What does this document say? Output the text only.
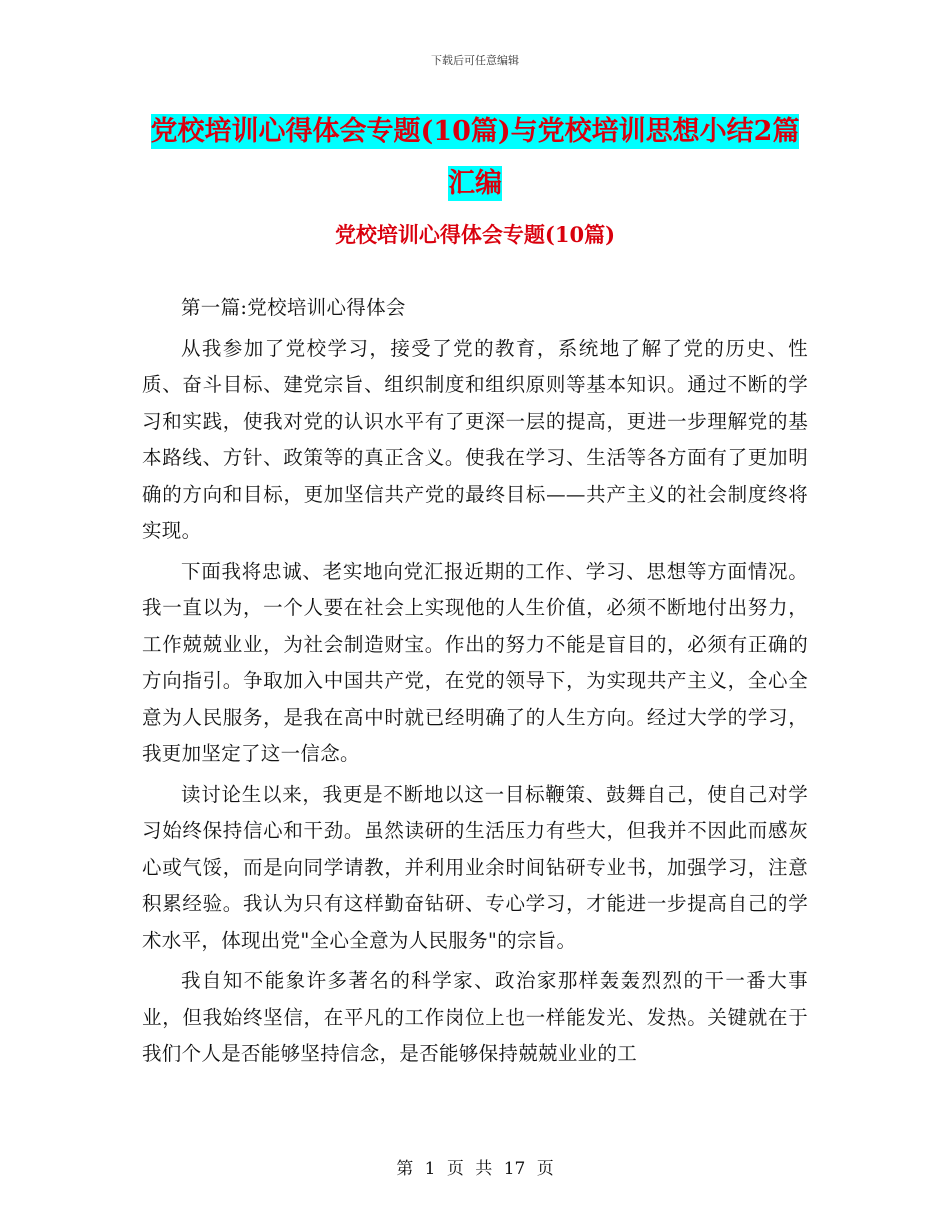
下载后可任意编辑
党校培训心得体会专题(10篇)与党校培训思想小结2篇汇编
党校培训心得体会专题(10篇)

第一篇:党校培训心得体会

从我参加了党校学习，接受了党的教育，系统地了解了党的历史、性质、奋斗目标、建党宗旨、组织制度和组织原则等基本知识。通过不断的学习和实践，使我对党的认识水平有了更深一层的提高，更进一步理解党的基本路线、方针、政策等的真正含义。使我在学习、生活等各方面有了更加明确的方向和目标，更加坚信共产党的最终目标——共产主义的社会制度终将实现。

下面我将忠诚、老实地向党汇报近期的工作、学习、思想等方面情况。我一直以为，一个人要在社会上实现他的人生价值，必须不断地付出努力，工作兢兢业业，为社会制造财宝。作出的努力不能是盲目的，必须有正确的方向指引。争取加入中国共产党，在党的领导下，为实现共产主义，全心全意为人民服务，是我在高中时就已经明确了的人生方向。经过大学的学习，我更加坚定了这一信念。

读讨论生以来，我更是不断地以这一目标鞭策、鼓舞自己，使自己对学习始终保持信心和干劲。虽然读研的生活压力有些大，但我并不因此而感灰心或气馁，而是向同学请教，并利用业余时间钻研专业书，加强学习，注意积累经验。我认为只有这样勤奋钻研、专心学习，才能进一步提高自己的学术水平，体现出党"全心全意为人民服务"的宗旨。

我自知不能象许多著名的科学家、政治家那样轰轰烈烈的干一番大事业，但我始终坚信，在平凡的工作岗位上也一样能发光、发热。关键就在于我们个人是否能够坚持信念，是否能够保持兢兢业业的工

第 1 页 共 17 页
